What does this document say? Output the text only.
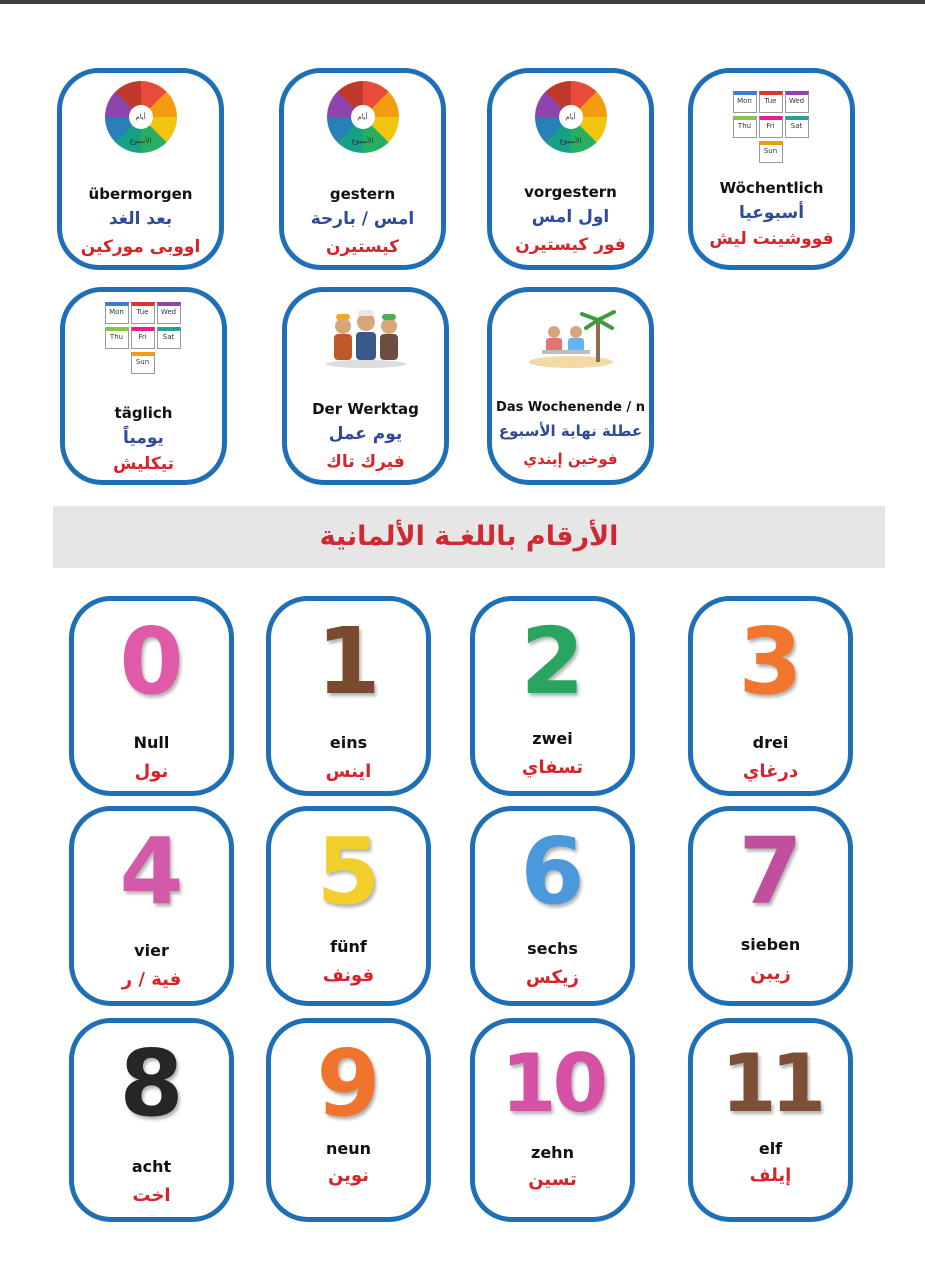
أيام الأسبوع
übermorgen
بعد الغد
اووبى موركين
أيام الأسبوع
gestern
امس / بارحة
كيستيرن
أيام الأسبوع
vorgestern
اول امس
فور كيستيرن
Mon Tue Wed Thu Fri Sat Sun
Wöchentlich
أسبوعيا
فووشينت ليش
Mon Tue Wed Thu Fri Sat Sun
täglich
يومياً
تيكليش
Der Werktag
يوم عمل
فيرك تاك
Das Wochenende / n
عطلة نهاية الأسبوع
فوخين إيندي
الأرقام باللغـة الألمانية
0
Null
نول
1
eins
اينس
2
zwei
تسفاي
3
drei
درغاي
4
vier
فية / ر
5
fünf
فونف
6
sechs
زيكس
7
sieben
زيبن
8
acht
اخت
9
neun
نوين
10
zehn
تسين
11
elf
إيلف
